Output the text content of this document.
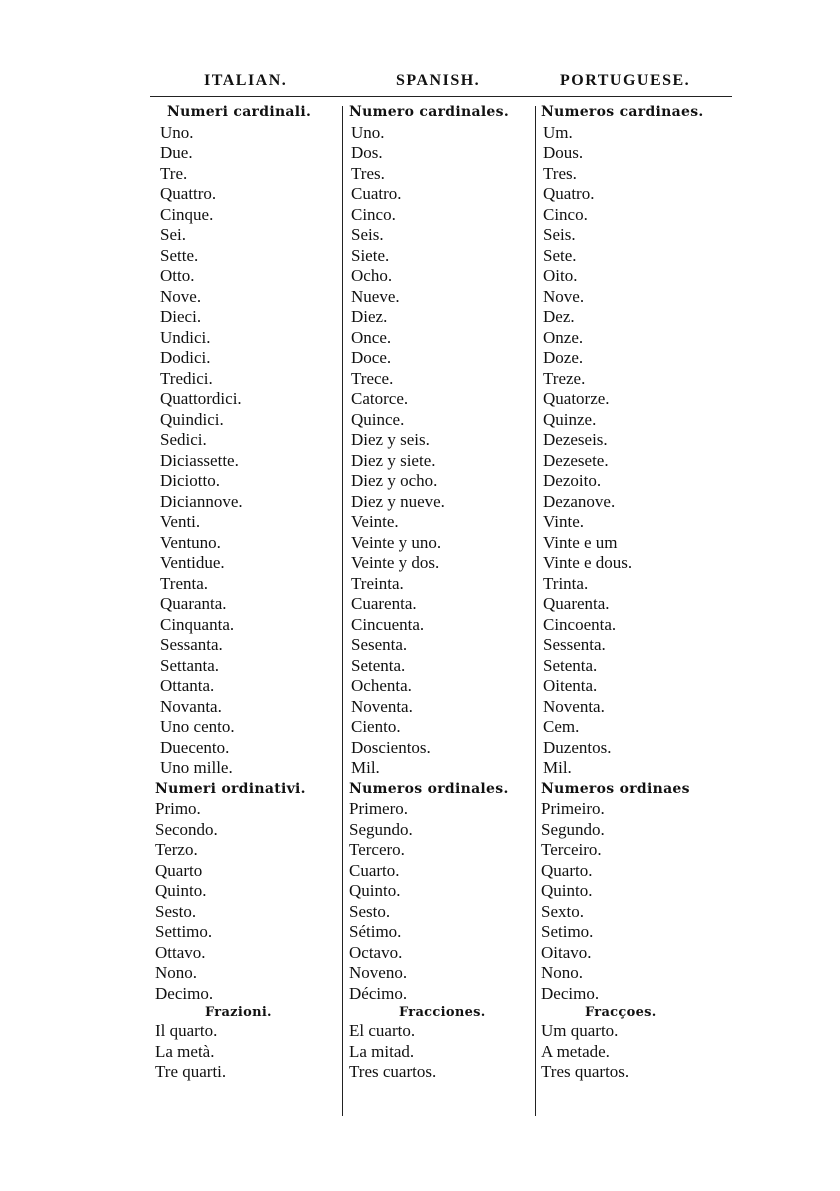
ITALIAN.	SPANISH.	PORTUGUESE.
Numeri cardinali.
Uno.
Due.
Tre.
Quattro.
Cinque.
Sei.
Sette.
Otto.
Nove.
Dieci.
Undici.
Dodici.
Tredici.
Quattordici.
Quindici.
Sedici.
Diciassette.
Diciotto.
Diciannove.
Venti.
Ventuno.
Ventidue.
Trenta.
Quaranta.
Cinquanta.
Sessanta.
Settanta.
Ottanta.
Novanta.
Uno cento.
Duecento.
Uno mille.
Numeri ordinativi.
Primo.
Secondo.
Terzo.
Quarto
Quinto.
Sesto.
Settimo.
Ottavo.
Nono.
Decimo.
Frazioni.
Il quarto.
La metà.
Tre quarti.
Numero cardinales.
Uno.
Dos.
Tres.
Cuatro.
Cinco.
Seis.
Siete.
Ocho.
Nueve.
Diez.
Once.
Doce.
Trece.
Catorce.
Quince.
Diez y seis.
Diez y siete.
Diez y ocho.
Diez y nueve.
Veinte.
Veinte y uno.
Veinte y dos.
Treinta.
Cuarenta.
Cincuenta.
Sesenta.
Setenta.
Ochenta.
Noventa.
Ciento.
Doscientos.
Mil.
Numeros ordinales.
Primero.
Segundo.
Tercero.
Cuarto.
Quinto.
Sesto.
Sétimo.
Octavo.
Noveno.
Décimo.
Fracciones.
El cuarto.
La mitad.
Tres cuartos.
Numeros cardinaes.
Um.
Dous.
Tres.
Quatro.
Cinco.
Seis.
Sete.
Oito.
Nove.
Dez.
Onze.
Doze.
Treze.
Quatorze.
Quinze.
Dezeseis.
Dezesete.
Dezoito.
Dezanove.
Vinte.
Vinte e um
Vinte e dous.
Trinta.
Quarenta.
Cincoenta.
Sessenta.
Setenta.
Oitenta.
Noventa.
Cem.
Duzentos.
Mil.
Numeros ordinaes
Primeiro.
Segundo.
Terceiro.
Quarto.
Quinto.
Sexto.
Setimo.
Oitavo.
Nono.
Decimo.
Fracçoes.
Um quarto.
A metade.
Tres quartos.
